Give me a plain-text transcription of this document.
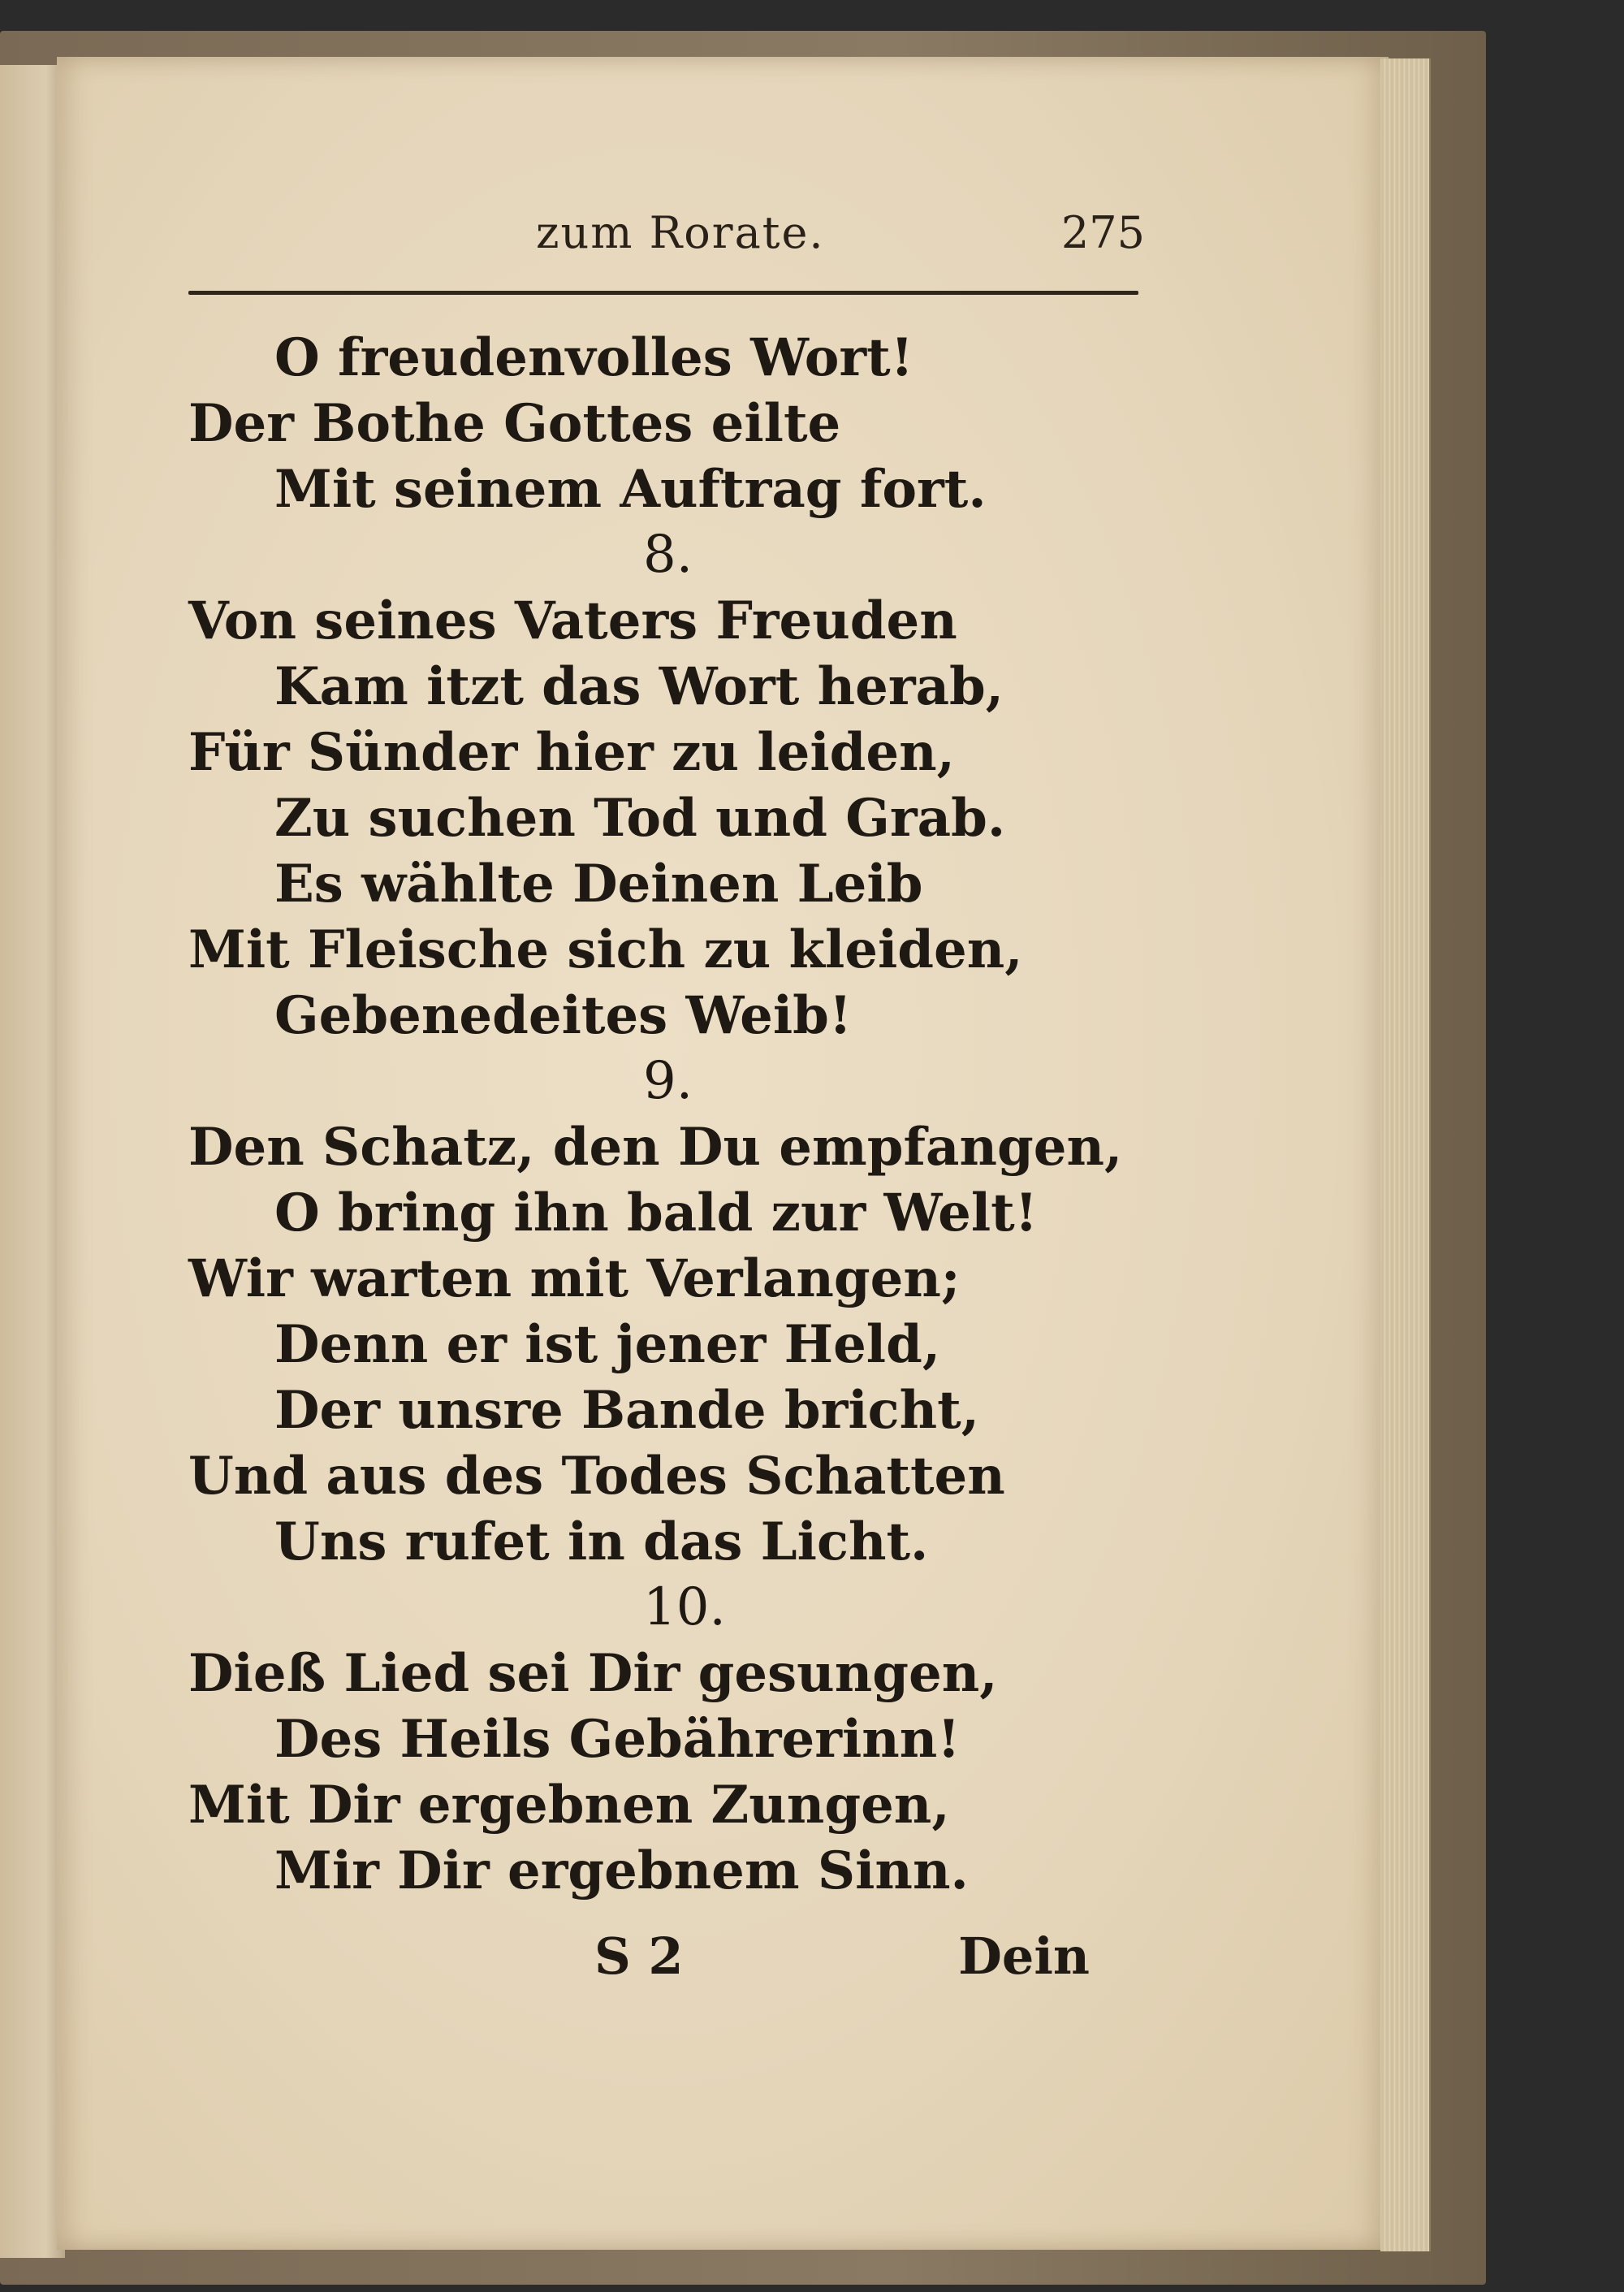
zum Rorate.	275
O freudenvolles Wort!
Der Bothe Gottes eilte
Mit seinem Auftrag fort.
8.
Von seines Vaters Freuden
Kam itzt das Wort herab,
Für Sünder hier zu leiden,
Zu suchen Tod und Grab.
Es wählte Deinen Leib
Mit Fleische sich zu kleiden,
Gebenedeites Weib!
9.
Den Schatz, den Du empfangen,
O bring ihn bald zur Welt!
Wir warten mit Verlangen;
Denn er ist jener Held,
Der unsre Bande bricht,
Und aus des Todes Schatten
Uns rufet in das Licht.
10.
Dieß Lied sei Dir gesungen,
Des Heils Gebährerinn!
Mit Dir ergebnen Zungen,
Mir Dir ergebnem Sinn.
S 2	Dein
